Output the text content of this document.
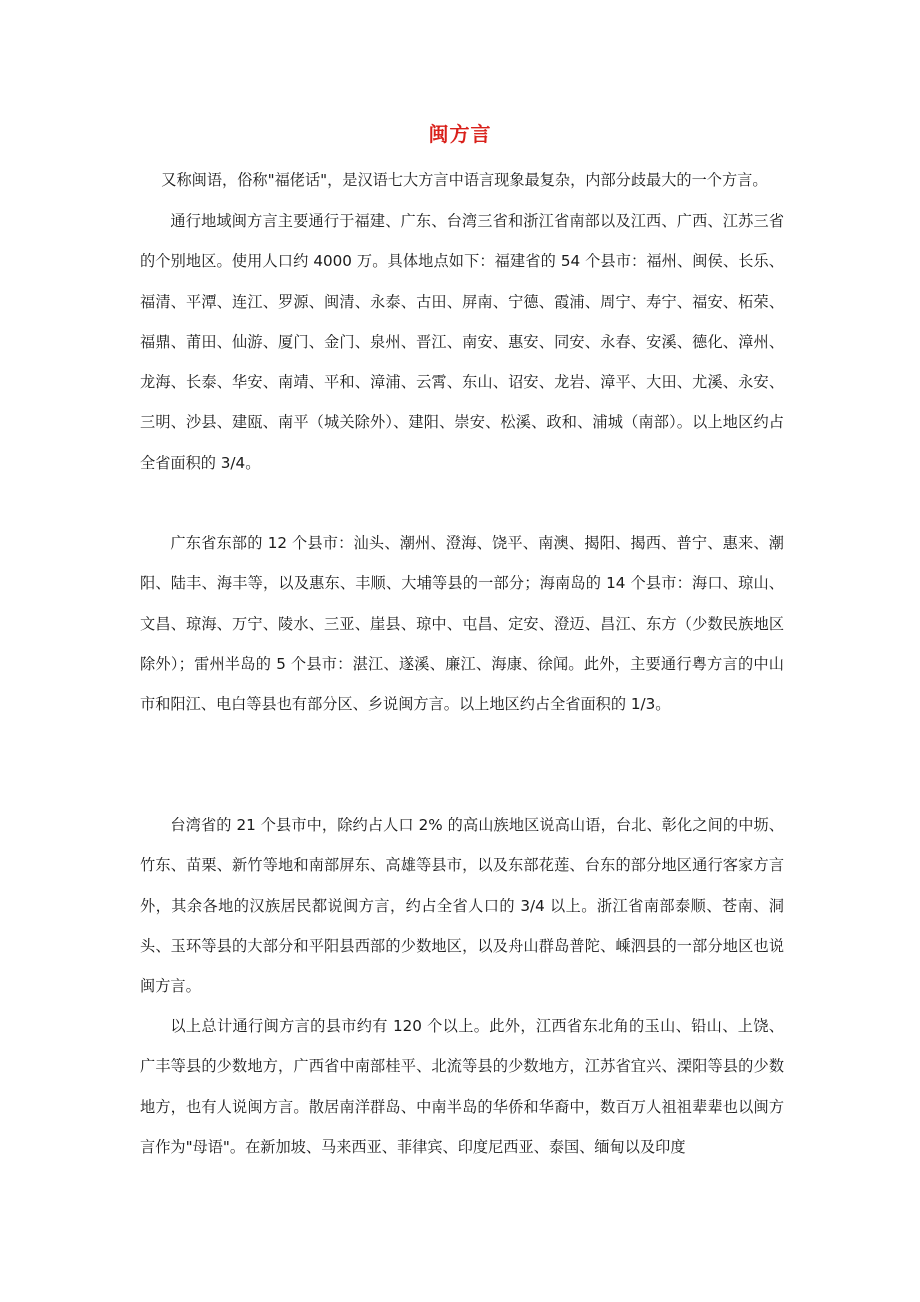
闽方言

又称闽语，俗称"福佬话"，是汉语七大方言中语言现象最复杂，内部分歧最大的一个方言。

通行地域闽方言主要通行于福建、广东、台湾三省和浙江省南部以及江西、广西、江苏三省的个别地区。使用人口约 4000 万。具体地点如下：福建省的 54 个县市：福州、闽侯、长乐、福清、平潭、连江、罗源、闽清、永泰、古田、屏南、宁德、霞浦、周宁、寿宁、福安、柘荣、福鼎、莆田、仙游、厦门、金门、泉州、晋江、南安、惠安、同安、永春、安溪、德化、漳州、龙海、长泰、华安、南靖、平和、漳浦、云霄、东山、诏安、龙岩、漳平、大田、尤溪、永安、三明、沙县、建瓯、南平（城关除外）、建阳、崇安、松溪、政和、浦城（南部）。以上地区约占全省面积的 3/4。

广东省东部的 12 个县市：汕头、潮州、澄海、饶平、南澳、揭阳、揭西、普宁、惠来、潮阳、陆丰、海丰等，以及惠东、丰顺、大埔等县的一部分；海南岛的 14 个县市：海口、琼山、文昌、琼海、万宁、陵水、三亚、崖县、琼中、屯昌、定安、澄迈、昌江、东方（少数民族地区除外）；雷州半岛的 5 个县市：湛江、遂溪、廉江、海康、徐闻。此外，主要通行粤方言的中山市和阳江、电白等县也有部分区、乡说闽方言。以上地区约占全省面积的 1/3。

台湾省的 21 个县市中，除约占人口 2% 的高山族地区说高山语，台北、彰化之间的中坜、竹东、苗栗、新竹等地和南部屏东、高雄等县市，以及东部花莲、台东的部分地区通行客家方言外，其余各地的汉族居民都说闽方言，约占全省人口的 3/4 以上。浙江省南部泰顺、苍南、洞头、玉环等县的大部分和平阳县西部的少数地区，以及舟山群岛普陀、嵊泗县的一部分地区也说闽方言。

以上总计通行闽方言的县市约有 120 个以上。此外，江西省东北角的玉山、铅山、上饶、广丰等县的少数地方，广西省中南部桂平、北流等县的少数地方，江苏省宜兴、溧阳等县的少数地方，也有人说闽方言。散居南洋群岛、中南半岛的华侨和华裔中，数百万人祖祖辈辈也以闽方言作为"母语"。在新加坡、马来西亚、菲律宾、印度尼西亚、泰国、缅甸以及印度
